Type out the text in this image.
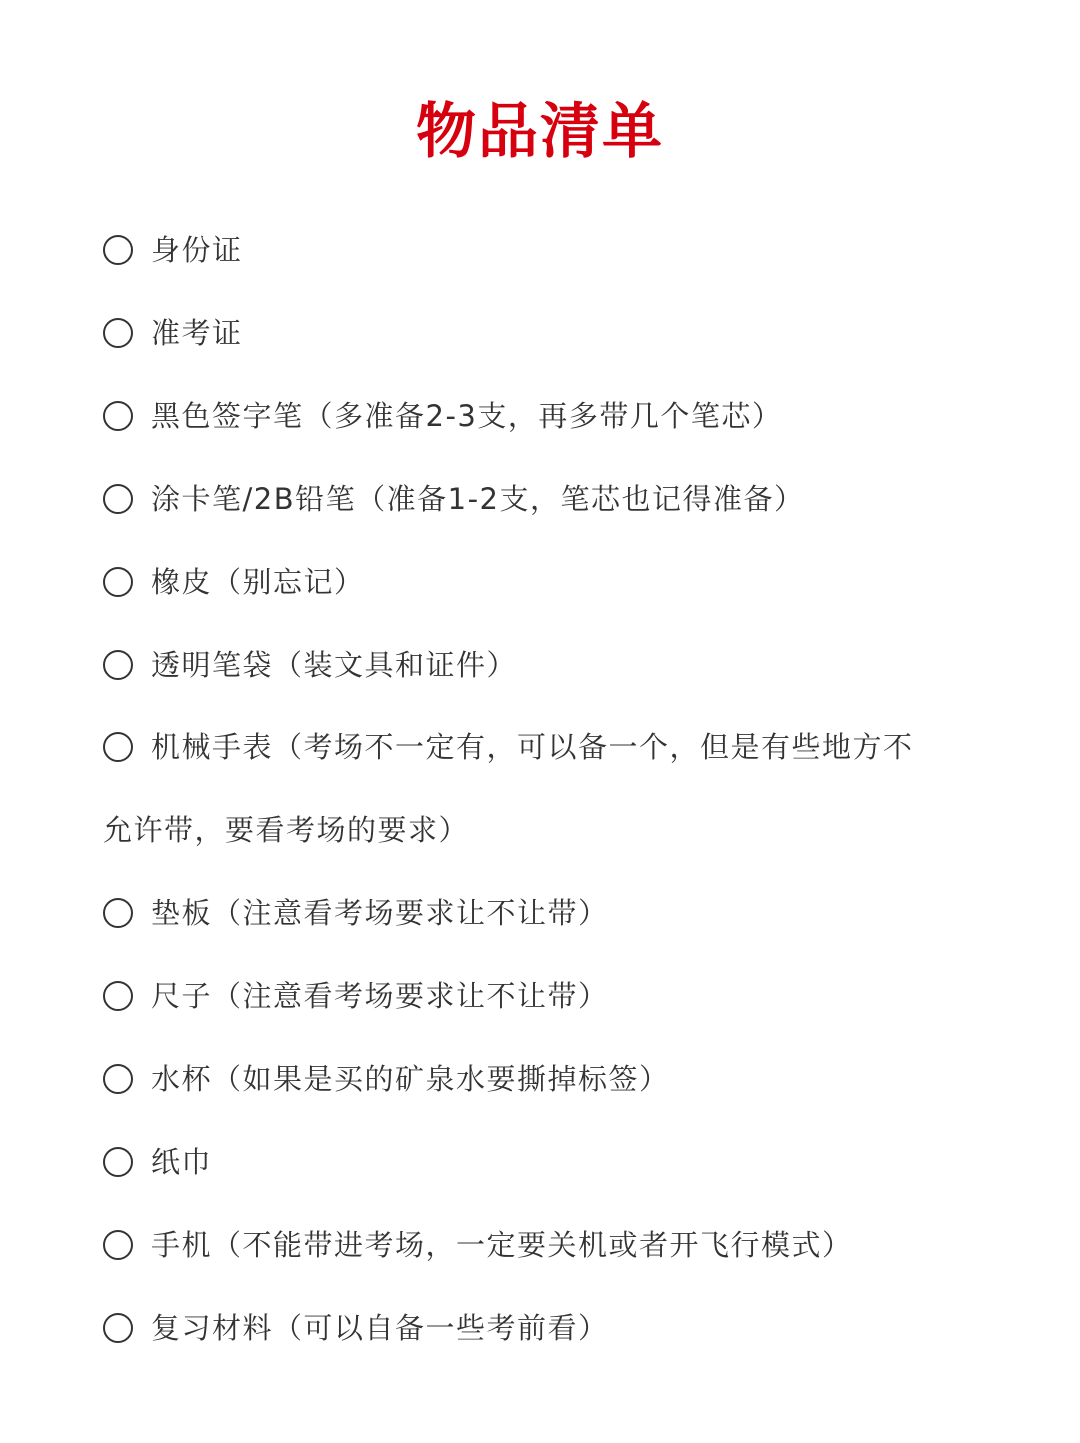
物品清单
身份证
准考证
黑色签字笔（多准备2-3支，再多带几个笔芯）
涂卡笔/2B铅笔（准备1-2支，笔芯也记得准备）
橡皮（别忘记）
透明笔袋（装文具和证件）
机械手表（考场不一定有，可以备一个，但是有些地方不
允许带，要看考场的要求）
垫板（注意看考场要求让不让带）
尺子（注意看考场要求让不让带）
水杯（如果是买的矿泉水要撕掉标签）
纸巾
手机（不能带进考场，一定要关机或者开飞行模式）
复习材料（可以自备一些考前看）
